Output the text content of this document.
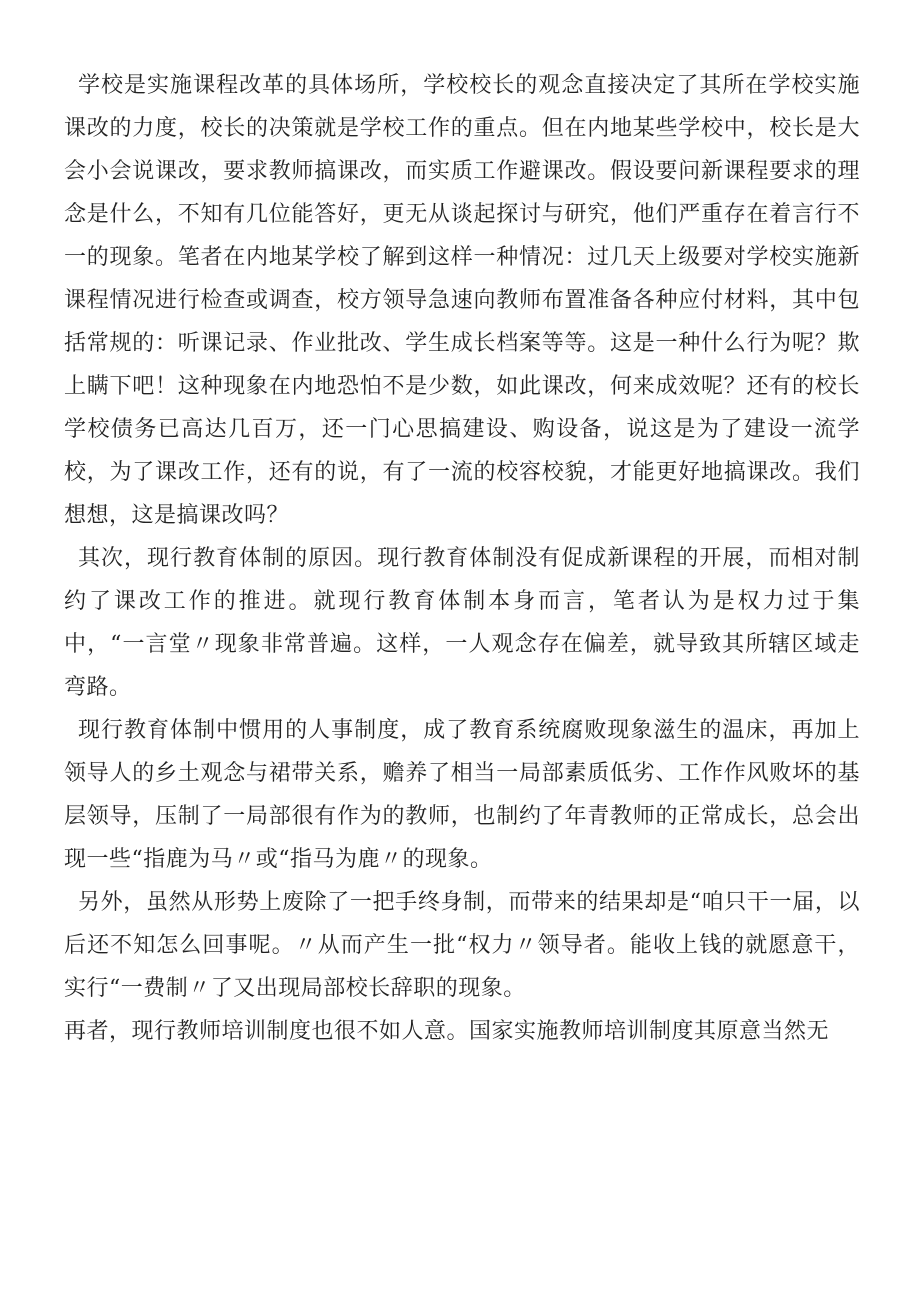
学校是实施课程改革的具体场所，学校校长的观念直接决定了其所在学校实施课改的力度，校长的决策就是学校工作的重点。但在内地某些学校中，校长是大会小会说课改，要求教师搞课改，而实质工作避课改。假设要问新课程要求的理念是什么，不知有几位能答好，更无从谈起探讨与研究，他们严重存在着言行不一的现象。笔者在内地某学校了解到这样一种情况：过几天上级要对学校实施新课程情况进行检查或调查，校方领导急速向教师布置准备各种应付材料，其中包括常规的：听课记录、作业批改、学生成长档案等等。这是一种什么行为呢？欺上瞒下吧！这种现象在内地恐怕不是少数，如此课改，何来成效呢？还有的校长学校债务已高达几百万，还一门心思搞建设、购设备，说这是为了建设一流学校，为了课改工作，还有的说，有了一流的校容校貌，才能更好地搞课改。我们想想，这是搞课改吗？

其次，现行教育体制的原因。现行教育体制没有促成新课程的开展，而相对制约了课改工作的推进。就现行教育体制本身而言，笔者认为是权力过于集中，“一言堂〃现象非常普遍。这样，一人观念存在偏差，就导致其所辖区域走弯路。

现行教育体制中惯用的人事制度，成了教育系统腐败现象滋生的温床，再加上领导人的乡土观念与裙带关系，赡养了相当一局部素质低劣、工作作风败坏的基层领导，压制了一局部很有作为的教师，也制约了年青教师的正常成长，总会出现一些“指鹿为马〃或“指马为鹿〃的现象。

另外，虽然从形势上废除了一把手终身制，而带来的结果却是“咱只干一届，以后还不知怎么回事呢。〃从而产生一批“权力〃领导者。能收上钱的就愿意干，实行“一费制〃了又出现局部校长辞职的现象。

再者，现行教师培训制度也很不如人意。国家实施教师培训制度其原意当然无
